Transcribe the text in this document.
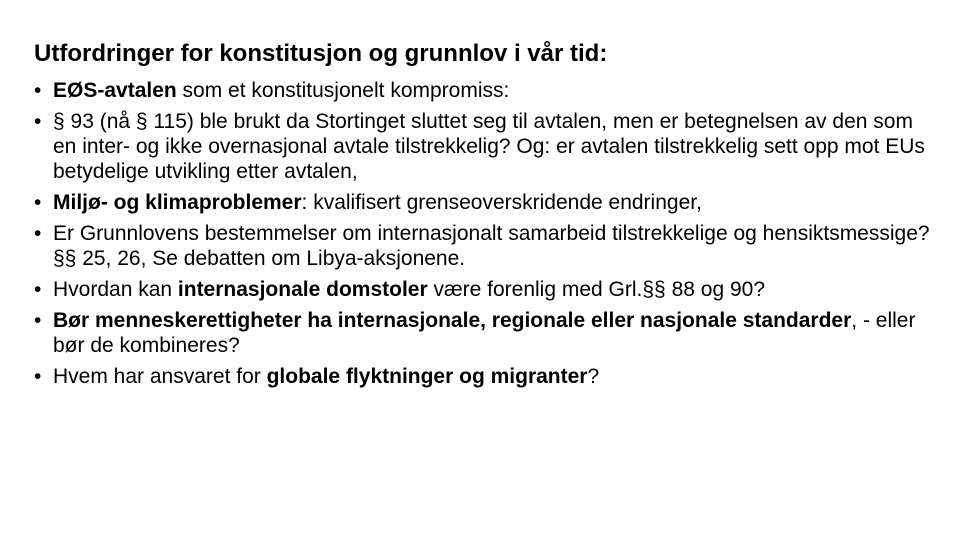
Utfordringer for konstitusjon og grunnlov i vår tid:
• EØS-avtalen som et konstitusjonelt kompromiss:
• § 93 (nå § 115) ble brukt da Stortinget sluttet seg til avtalen, men er betegnelsen av den som en inter- og ikke overnasjonal avtale tilstrekkelig? Og: er avtalen tilstrekkelig sett opp mot EUs betydelige utvikling etter avtalen,
• Miljø- og klimaproblemer: kvalifisert grenseoverskridende endringer,
• Er Grunnlovens bestemmelser om internasjonalt samarbeid tilstrekkelige og hensiktsmessige? §§ 25, 26, Se debatten om Libya-aksjonene.
• Hvordan kan internasjonale domstoler være forenlig med Grl.§§ 88 og 90?
• Bør menneskerettigheter ha internasjonale, regionale eller nasjonale standarder, - eller bør de kombineres?
• Hvem har ansvaret for globale flyktninger og migranter?
